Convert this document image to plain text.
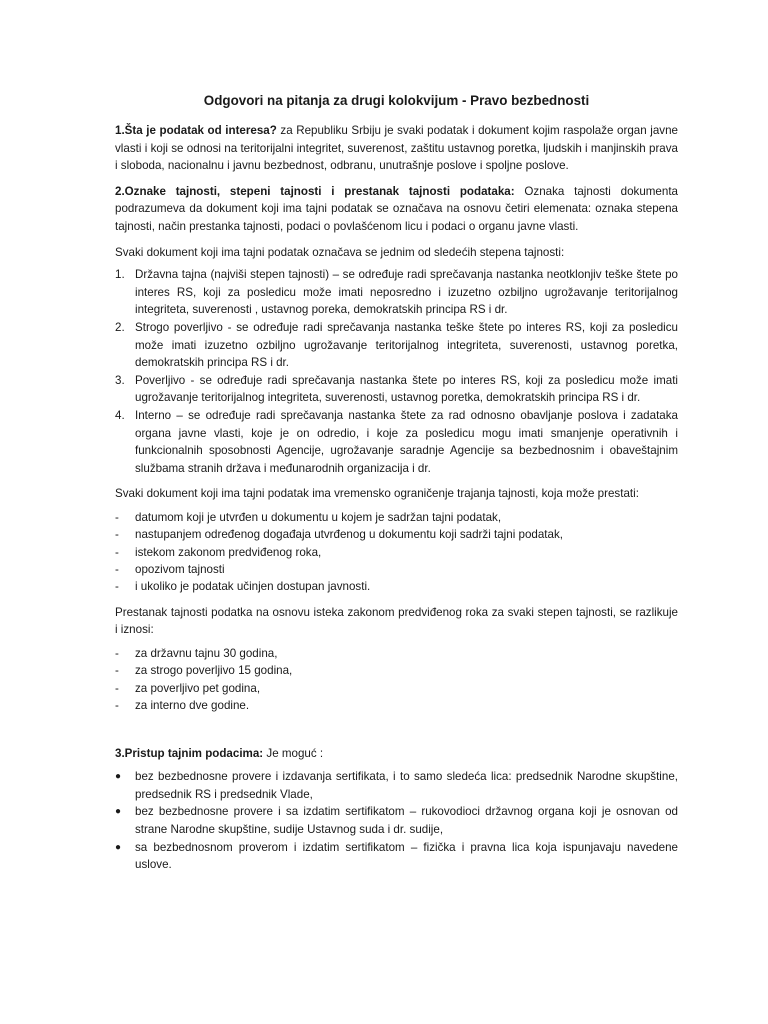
Odgovori na pitanja za drugi kolokvijum - Pravo bezbednosti

1.Šta je podatak od interesa? za Republiku Srbiju je svaki podatak i dokument kojim raspolaže organ javne vlasti i koji se odnosi na teritorijalni integritet, suverenost, zaštitu ustavnog poretka, ljudskih i manjinskih prava i sloboda, nacionalnu i javnu bezbednost, odbranu, unutrašnje poslove i spoljne poslove.

2.Oznake tajnosti, stepeni tajnosti i prestanak tajnosti podataka: Oznaka tajnosti dokumenta podrazumeva da dokument koji ima tajni podatak se označava na osnovu četiri elemenata: oznaka stepena tajnosti, način prestanka tajnosti, podaci o povlašćenom licu i podaci o organu javne vlasti.

Svaki dokument koji ima tajni podatak označava se jednim od sledećih stepena tajnosti:

1. Državna tajna (najviši stepen tajnosti) – se određuje radi sprečavanja nastanka neotklonjiv teške štete po interes RS, koji za posledicu može imati neposredno i izuzetno ozbiljno ugrožavanje teritorijalnog integriteta, suverenosti , ustavnog poreka, demokratskih principa RS i dr.
2. Strogo poverljivo - se određuje radi sprečavanja nastanka teške štete po interes RS, koji za posledicu može imati izuzetno ozbiljno ugrožavanje teritorijalnog integriteta, suverenosti, ustavnog poretka, demokratskih principa RS i dr.
3. Poverljivo - se određuje radi sprečavanja nastanka štete po interes RS, koji za posledicu može imati ugrožavanje teritorijalnog integriteta, suverenosti, ustavnog poretka, demokratskih principa RS i dr.
4. Interno – se određuje radi sprečavanja nastanka štete za rad odnosno obavljanje poslova i zadataka organa javne vlasti, koje je on odredio, i koje za posledicu mogu imati smanjenje operativnih i funkcionalnih sposobnosti Agencije, ugrožavanje saradnje Agencije sa bezbednosnim i obaveštajnim službama stranih država i međunarodnih organizacija i dr.

Svaki dokument koji ima tajni podatak ima vremensko ograničenje trajanja tajnosti, koja može prestati:

- datumom koji je utvrđen u dokumentu u kojem je sadržan tajni podatak,
- nastupanjem određenog događaja utvrđenog u dokumentu koji sadrži tajni podatak,
- istekom zakonom predviđenog roka,
- opozivom tajnosti
- i ukoliko je podatak učinjen dostupan javnosti.

Prestanak tajnosti podatka na osnovu isteka zakonom predviđenog roka za svaki stepen tajnosti, se razlikuje i iznosi:

- za državnu tajnu 30 godina,
- za strogo poverljivo 15 godina,
- za poverljivo pet godina,
- za interno dve godine.

3.Pristup tajnim podacima: Je moguć :

● bez bezbednosne provere i izdavanja sertifikata, i to samo sledeća lica: predsednik Narodne skupštine, predsednik RS i predsednik Vlade,
● bez bezbednosne provere i sa izdatim sertifikatom – rukovodioci državnog organa koji je osnovan od strane Narodne skupštine, sudije Ustavnog suda i dr. sudije,
● sa bezbednosnom proverom i izdatim sertifikatom – fizička i pravna lica koja ispunjavaju navedene uslove.
